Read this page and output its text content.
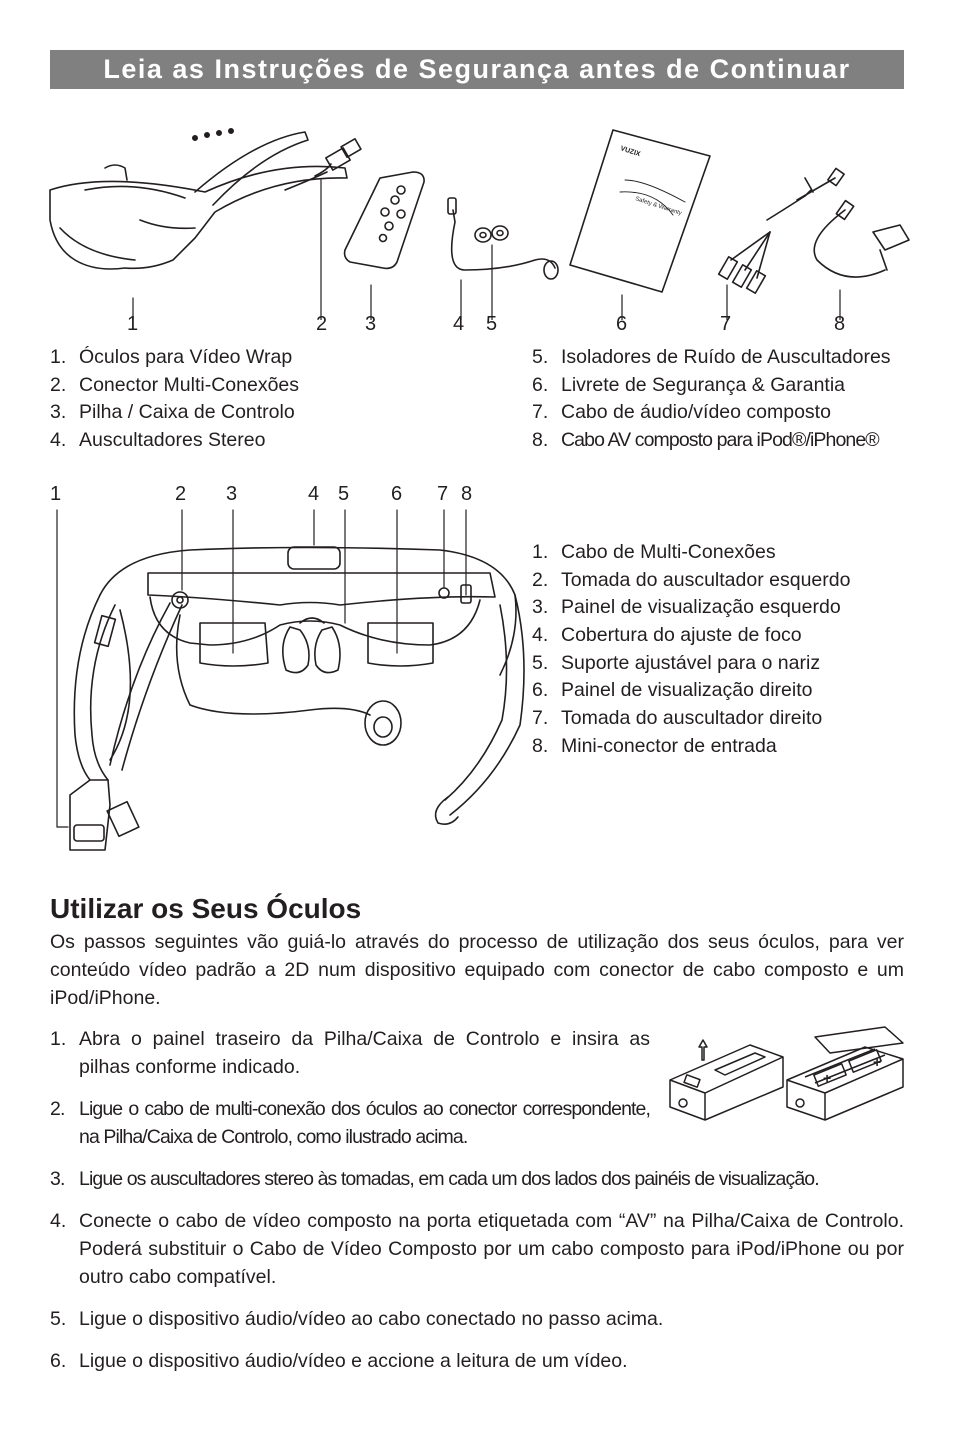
Leia as Instruções de Segurança antes de Continuar
VUZIX
Safety & Warranty
1	2 3	4 5	6	7	8
1. Óculos para Vídeo Wrap
2. Conector Multi-Conexões
3. Pilha / Caixa de Controlo
4. Auscultadores Stereo
5. Isoladores de Ruído de Auscultadores
6. Livrete de Segurança & Garantia
7. Cabo de áudio/vídeo composto
8. Cabo AV composto para iPod®/iPhone®
1	2 3	4 5 6 7 8
1. Cabo de Multi-Conexões
2. Tomada do auscultador esquerdo
3. Painel de visualização esquerdo
4. Cobertura do ajuste de foco
5. Suporte ajustável para o nariz
6. Painel de visualização direito
7. Tomada do auscultador direito
8. Mini-conector de entrada
Utilizar os Seus Óculos
Os passos seguintes vão guiá-lo através do processo de utilização dos seus óculos, para ver conteúdo vídeo padrão a 2D num dispositivo equipado com conector de cabo composto e um iPod/iPhone.
1. Abra o painel traseiro da Pilha/Caixa de Controlo e insira as pilhas conforme indicado.
2. Ligue o cabo de multi-conexão dos óculos ao conector correspondente, na Pilha/Caixa de Controlo, como ilustrado acima.
+
+
3. Ligue os auscultadores stereo às tomadas, em cada um dos lados dos painéis de visualização.
4. Conecte o cabo de vídeo composto na porta etiquetada com “AV” na Pilha/Caixa de Controlo. Poderá substituir o Cabo de Vídeo Composto por um cabo composto para iPod/iPhone ou por outro cabo compatível.
5. Ligue o dispositivo áudio/vídeo ao cabo conectado no passo acima.
6. Ligue o dispositivo áudio/vídeo e accione a leitura de um vídeo.
